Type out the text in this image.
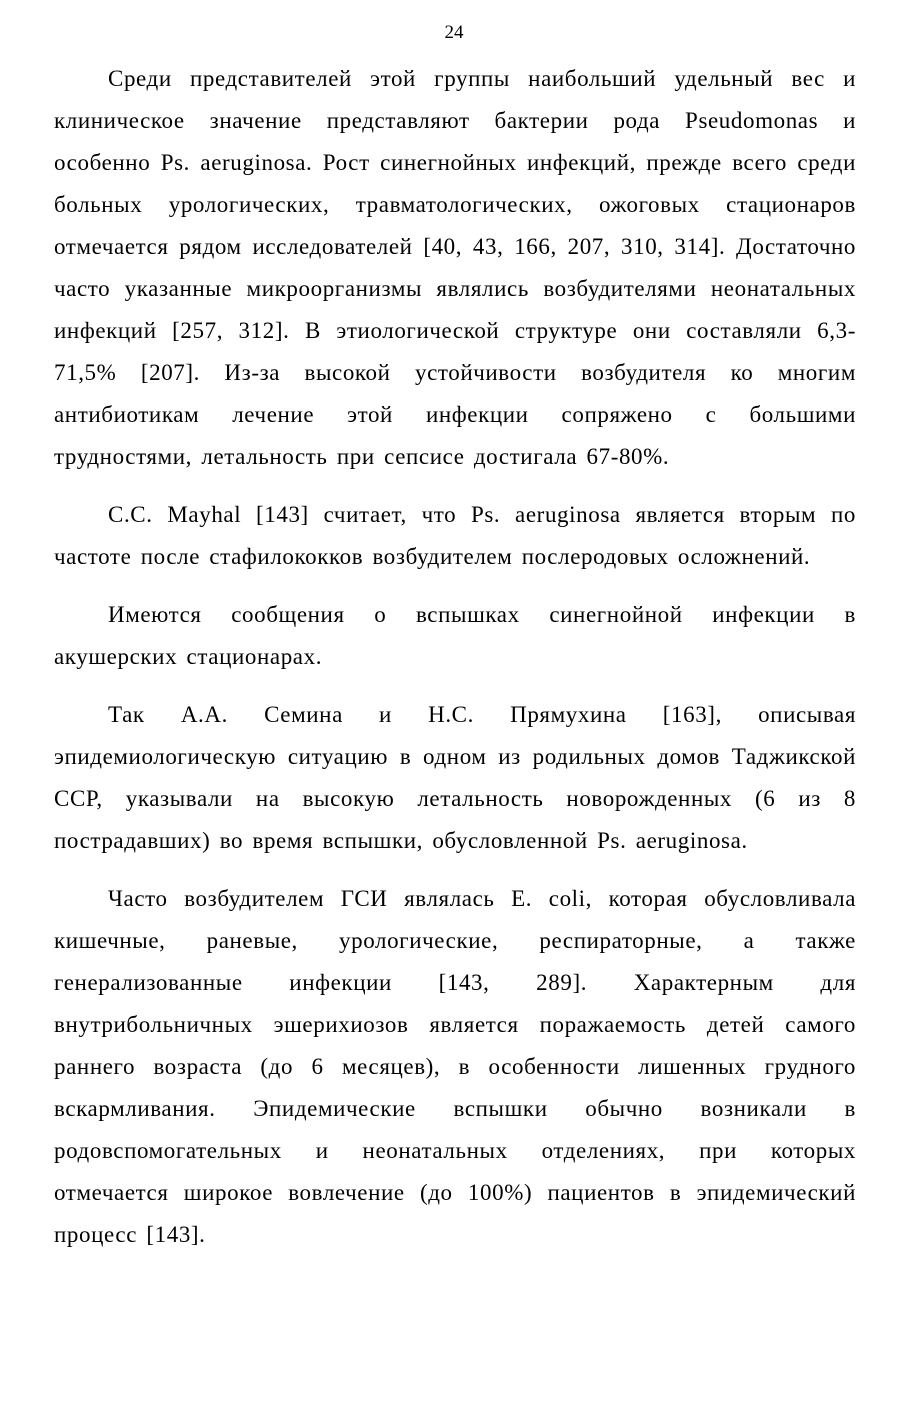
24

Среди представителей этой группы наибольший удельный вес и клиническое значение представляют бактерии рода Pseudomonas и особенно Ps. aeruginosa. Рост синегнойных инфекций, прежде всего среди больных урологических, травматологических, ожоговых стационаров отмечается рядом исследователей [40, 43, 166, 207, 310, 314]. Достаточно часто указанные микроорганизмы являлись возбудителями неонатальных инфекций [257, 312]. В этиологической структуре они составляли 6,3-71,5% [207]. Из-за высокой устойчивости возбудителя ко многим антибиотикам лечение этой инфекции сопряжено с большими трудностями, летальность при сепсисе достигала 67-80%.

С.С. Mayhal [143] считает, что Ps. aeruginosa является вторым по частоте после стафилококков возбудителем послеродовых осложнений.

Имеются сообщения о вспышках синегнойной инфекции в акушерских стационарах.

Так А.А. Семина и Н.С. Прямухина [163], описывая эпидемиологическую ситуацию в одном из родильных домов Таджикской ССР, указывали на высокую летальность новорожденных (6 из 8 пострадавших) во время вспышки, обусловленной Ps. aeruginosa.

Часто возбудителем ГСИ являлась E. coli, которая обусловливала кишечные, раневые, урологические, респираторные, а также генерализованные инфекции [143, 289]. Характерным для внутрибольничных эшерихиозов является поражаемость детей самого раннего возраста (до 6 месяцев), в особенности лишенных грудного вскармливания. Эпидемические вспышки обычно возникали в родовспомогательных и неонатальных отделениях, при которых отмечается широкое вовлечение (до 100%) пациентов в эпидемический процесс [143].
